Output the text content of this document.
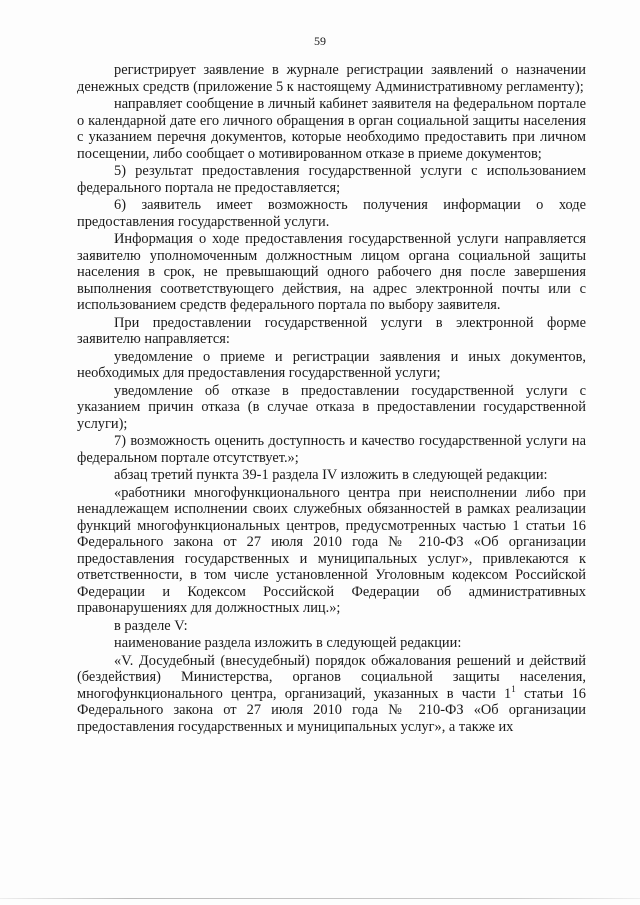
59

регистрирует заявление в журнале регистрации заявлений о назначении денежных средств (приложение 5 к настоящему Административному регламенту);

направляет сообщение в личный кабинет заявителя на федеральном портале о календарной дате его личного обращения в орган социальной защиты населения с указанием перечня документов, которые необходимо предоставить при личном посещении, либо сообщает о мотивированном отказе в приеме документов;

5) результат предоставления государственной услуги с использованием федерального портала не предоставляется;

6) заявитель имеет возможность получения информации о ходе предоставления государственной услуги.

Информация о ходе предоставления государственной услуги направляется заявителю уполномоченным должностным лицом органа социальной защиты населения в срок, не превышающий одного рабочего дня после завершения выполнения соответствующего действия, на адрес электронной почты или с использованием средств федерального портала по выбору заявителя.

При предоставлении государственной услуги в электронной форме заявителю направляется:

уведомление о приеме и регистрации заявления и иных документов, необходимых для предоставления государственной услуги;

уведомление об отказе в предоставлении государственной услуги с указанием причин отказа (в случае отказа в предоставлении государственной услуги);

7) возможность оценить доступность и качество государственной услуги на федеральном портале отсутствует.»;

абзац третий пункта 39-1 раздела IV изложить в следующей редакции:

«работники многофункционального центра при неисполнении либо при ненадлежащем исполнении своих служебных обязанностей в рамках реализации функций многофункциональных центров, предусмотренных частью 1 статьи 16 Федерального закона от 27 июля 2010 года № 210-ФЗ «Об организации предоставления государственных и муниципальных услуг», привлекаются к ответственности, в том числе установленной Уголовным кодексом Российской Федерации и Кодексом Российской Федерации об административных правонарушениях для должностных лиц.»;

в разделе V:

наименование раздела изложить в следующей редакции:

«V. Досудебный (внесудебный) порядок обжалования решений и действий (бездействия) Министерства, органов социальной защиты населения, многофункционального центра, организаций, указанных в части $1^1$ статьи 16 Федерального закона от 27 июля 2010 года № 210-ФЗ «Об организации предоставления государственных и муниципальных услуг», а также их
